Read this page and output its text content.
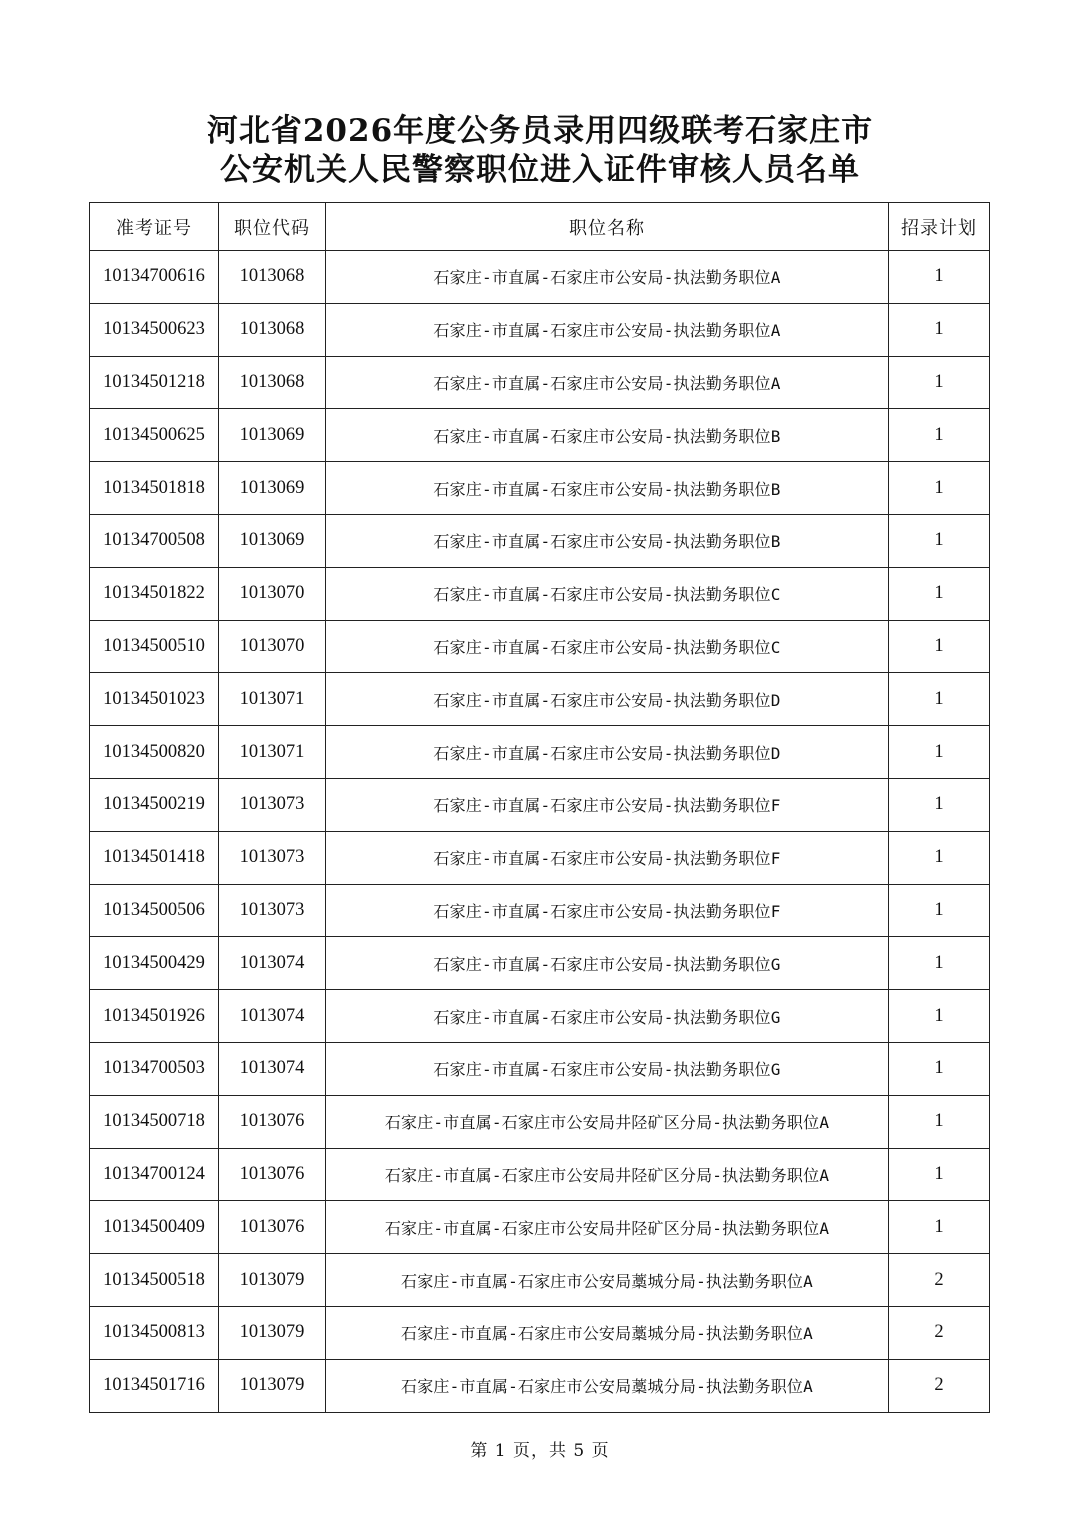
河北省2026年度公务员录用四级联考石家庄市
公安机关人民警察职位进入证件审核人员名单
准考证号	职位代码	职位名称	招录计划
10134700616	1013068	石家庄-市直属-石家庄市公安局-执法勤务职位A	1
10134500623	1013068	石家庄-市直属-石家庄市公安局-执法勤务职位A	1
10134501218	1013068	石家庄-市直属-石家庄市公安局-执法勤务职位A	1
10134500625	1013069	石家庄-市直属-石家庄市公安局-执法勤务职位B	1
10134501818	1013069	石家庄-市直属-石家庄市公安局-执法勤务职位B	1
10134700508	1013069	石家庄-市直属-石家庄市公安局-执法勤务职位B	1
10134501822	1013070	石家庄-市直属-石家庄市公安局-执法勤务职位C	1
10134500510	1013070	石家庄-市直属-石家庄市公安局-执法勤务职位C	1
10134501023	1013071	石家庄-市直属-石家庄市公安局-执法勤务职位D	1
10134500820	1013071	石家庄-市直属-石家庄市公安局-执法勤务职位D	1
10134500219	1013073	石家庄-市直属-石家庄市公安局-执法勤务职位F	1
10134501418	1013073	石家庄-市直属-石家庄市公安局-执法勤务职位F	1
10134500506	1013073	石家庄-市直属-石家庄市公安局-执法勤务职位F	1
10134500429	1013074	石家庄-市直属-石家庄市公安局-执法勤务职位G	1
10134501926	1013074	石家庄-市直属-石家庄市公安局-执法勤务职位G	1
10134700503	1013074	石家庄-市直属-石家庄市公安局-执法勤务职位G	1
10134500718	1013076	石家庄-市直属-石家庄市公安局井陉矿区分局-执法勤务职位A	1
10134700124	1013076	石家庄-市直属-石家庄市公安局井陉矿区分局-执法勤务职位A	1
10134500409	1013076	石家庄-市直属-石家庄市公安局井陉矿区分局-执法勤务职位A	1
10134500518	1013079	石家庄-市直属-石家庄市公安局藁城分局-执法勤务职位A	2
10134500813	1013079	石家庄-市直属-石家庄市公安局藁城分局-执法勤务职位A	2
10134501716	1013079	石家庄-市直属-石家庄市公安局藁城分局-执法勤务职位A	2
第 1 页，共 5 页
